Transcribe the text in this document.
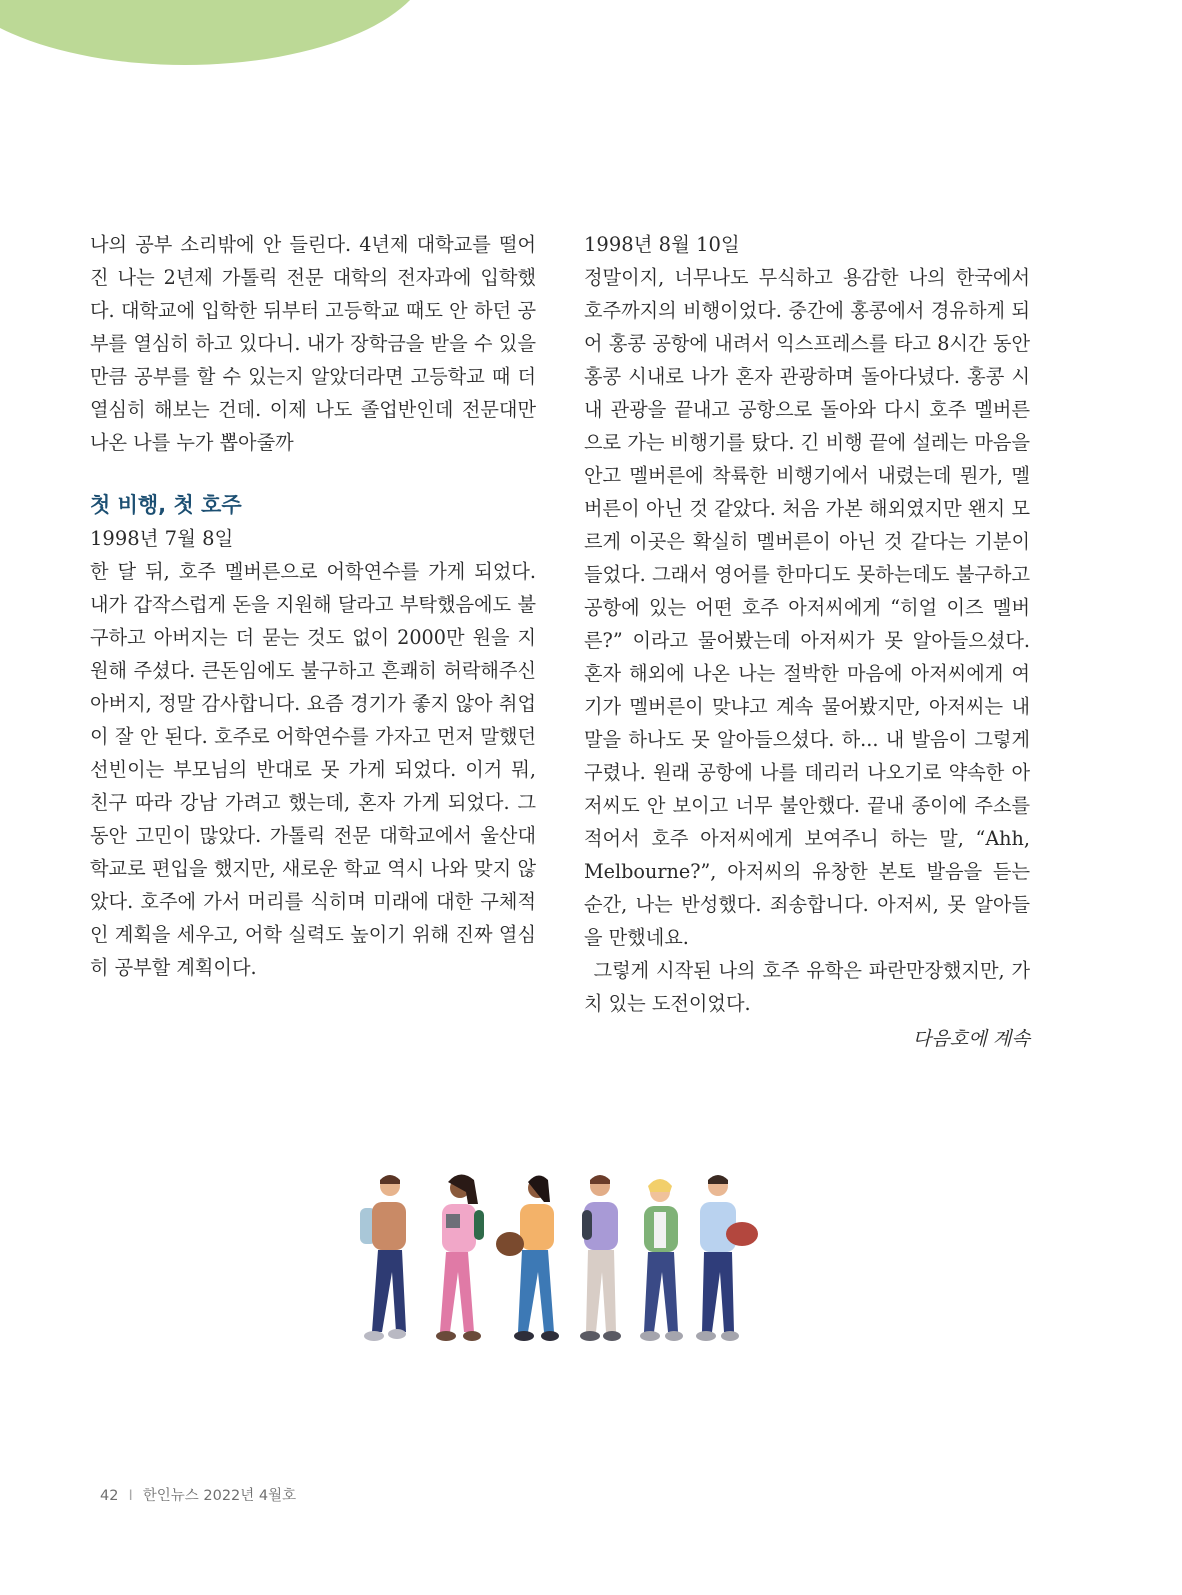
나의 공부 소리밖에 안 들린다. 4년제 대학교를 떨어진 나는 2년제 가톨릭 전문 대학의 전자과에 입학했다. 대학교에 입학한 뒤부터 고등학교 때도 안 하던 공부를 열심히 하고 있다니. 내가 장학금을 받을 수 있을 만큼 공부를 할 수 있는지 알았더라면 고등학교 때 더 열심히 해보는 건데. 이제 나도 졸업반인데 전문대만 나온 나를 누가 뽑아줄까

첫 비행, 첫 호주
1998년 7월 8일

한 달 뒤, 호주 멜버른으로 어학연수를 가게 되었다. 내가 갑작스럽게 돈을 지원해 달라고 부탁했음에도 불구하고 아버지는 더 묻는 것도 없이 2000만 원을 지원해 주셨다. 큰돈임에도 불구하고 흔쾌히 허락해주신 아버지, 정말 감사합니다. 요즘 경기가 좋지 않아 취업이 잘 안 된다. 호주로 어학연수를 가자고 먼저 말했던 선빈이는 부모님의 반대로 못 가게 되었다. 이거 뭐, 친구 따라 강남 가려고 했는데, 혼자 가게 되었다. 그 동안 고민이 많았다. 가톨릭 전문 대학교에서 울산대학교로 편입을 했지만, 새로운 학교 역시 나와 맞지 않았다. 호주에 가서 머리를 식히며 미래에 대한 구체적인 계획을 세우고, 어학 실력도 높이기 위해 진짜 열심히 공부할 계획이다.

1998년 8월 10일

정말이지, 너무나도 무식하고 용감한 나의 한국에서 호주까지의 비행이었다. 중간에 홍콩에서 경유하게 되어 홍콩 공항에 내려서 익스프레스를 타고 8시간 동안 홍콩 시내로 나가 혼자 관광하며 돌아다녔다. 홍콩 시내 관광을 끝내고 공항으로 돌아와 다시 호주 멜버른으로 가는 비행기를 탔다. 긴 비행 끝에 설레는 마음을 안고 멜버른에 착륙한 비행기에서 내렸는데 뭔가, 멜버른이 아닌 것 같았다. 처음 가본 해외였지만 왠지 모르게 이곳은 확실히 멜버른이 아닌 것 같다는 기분이 들었다. 그래서 영어를 한마디도 못하는데도 불구하고 공항에 있는 어떤 호주 아저씨에게 “히얼 이즈 멜버른?” 이라고 물어봤는데 아저씨가 못 알아들으셨다. 혼자 해외에 나온 나는 절박한 마음에 아저씨에게 여기가 멜버른이 맞냐고 계속 물어봤지만, 아저씨는 내 말을 하나도 못 알아들으셨다. 하... 내 발음이 그렇게 구렸나. 원래 공항에 나를 데리러 나오기로 약속한 아저씨도 안 보이고 너무 불안했다. 끝내 종이에 주소를 적어서 호주 아저씨에게 보여주니 하는 말, “Ahh, Melbourne?”, 아저씨의 유창한 본토 발음을 듣는 순간, 나는 반성했다. 죄송합니다. 아저씨, 못 알아들을 만했네요.

그렇게 시작된 나의 호주 유학은 파란만장했지만, 가치 있는 도전이었다.

다음호에 계속
42 I 한인뉴스 2022년 4월호
